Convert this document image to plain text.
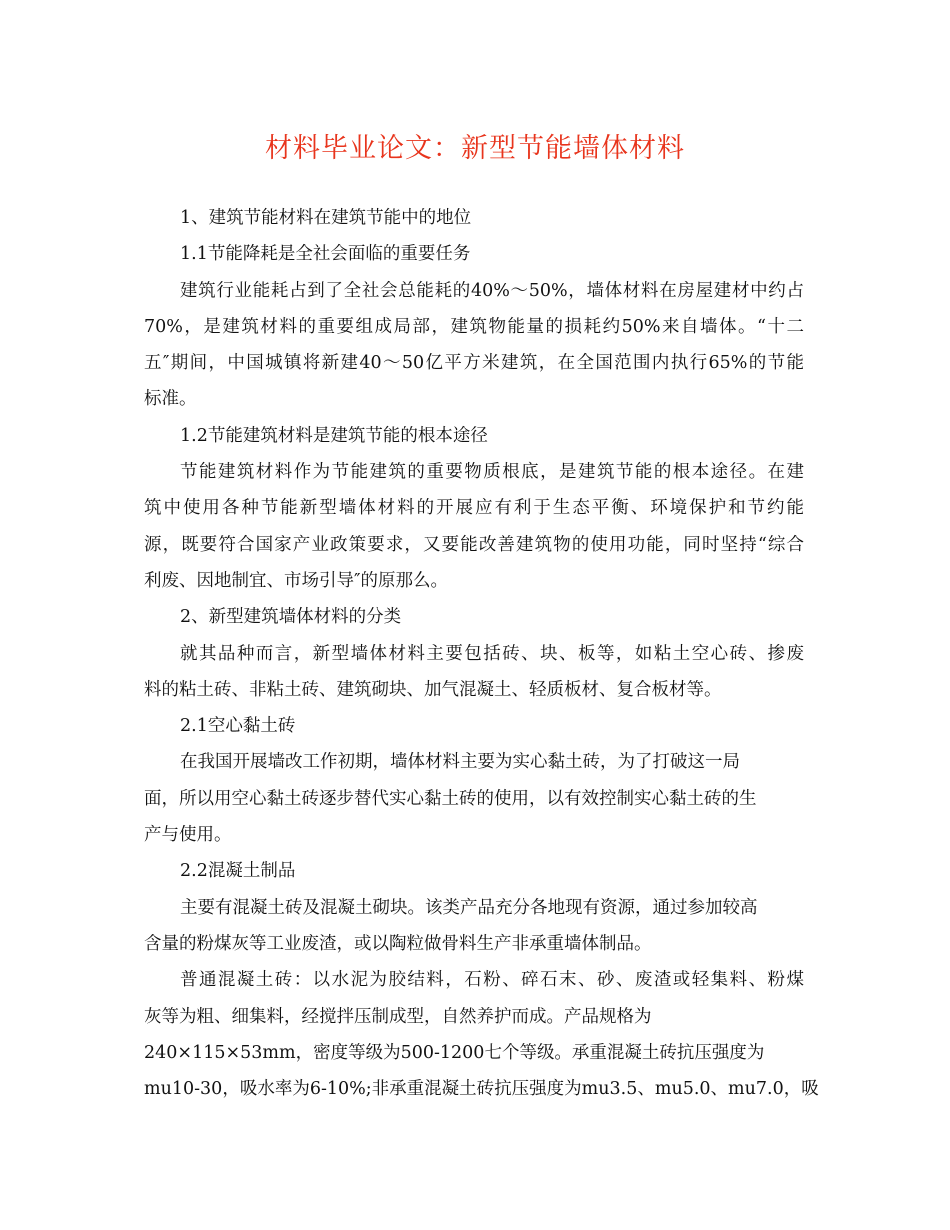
材料毕业论文：新型节能墙体材料
1、建筑节能材料在建筑节能中的地位
1.1节能降耗是全社会面临的重要任务
建筑行业能耗占到了全社会总能耗的40%～50%，墙体材料在房屋建材中约占
70%，是建筑材料的重要组成局部，建筑物能量的损耗约50%来自墙体。“十二
五″期间，中国城镇将新建40～50亿平方米建筑，在全国范围内执行65%的节能
标准。
1.2节能建筑材料是建筑节能的根本途径
节能建筑材料作为节能建筑的重要物质根底，是建筑节能的根本途径。在建
筑中使用各种节能新型墙体材料的开展应有利于生态平衡、环境保护和节约能
源，既要符合国家产业政策要求，又要能改善建筑物的使用功能，同时坚持“综合
利废、因地制宜、市场引导″的原那么。
2、新型建筑墙体材料的分类
就其品种而言，新型墙体材料主要包括砖、块、板等，如粘土空心砖、掺废
料的粘土砖、非粘土砖、建筑砌块、加气混凝土、轻质板材、复合板材等。
2.1空心黏土砖
在我国开展墙改工作初期，墙体材料主要为实心黏土砖，为了打破这一局
面，所以用空心黏土砖逐步替代实心黏土砖的使用，以有效控制实心黏土砖的生
产与使用。
2.2混凝土制品
主要有混凝土砖及混凝土砌块。该类产品充分各地现有资源，通过参加较高
含量的粉煤灰等工业废渣，或以陶粒做骨料生产非承重墙体制品。
普通混凝土砖：以水泥为胶结料，石粉、碎石末、砂、废渣或轻集料、粉煤
灰等为粗、细集料，经搅拌压制成型，自然养护而成。产品规格为
240×115×53mm，密度等级为500-1200七个等级。承重混凝土砖抗压强度为
mu10-30，吸水率为6-10%;非承重混凝土砖抗压强度为mu3.5、mu5.0、mu7.0，吸
